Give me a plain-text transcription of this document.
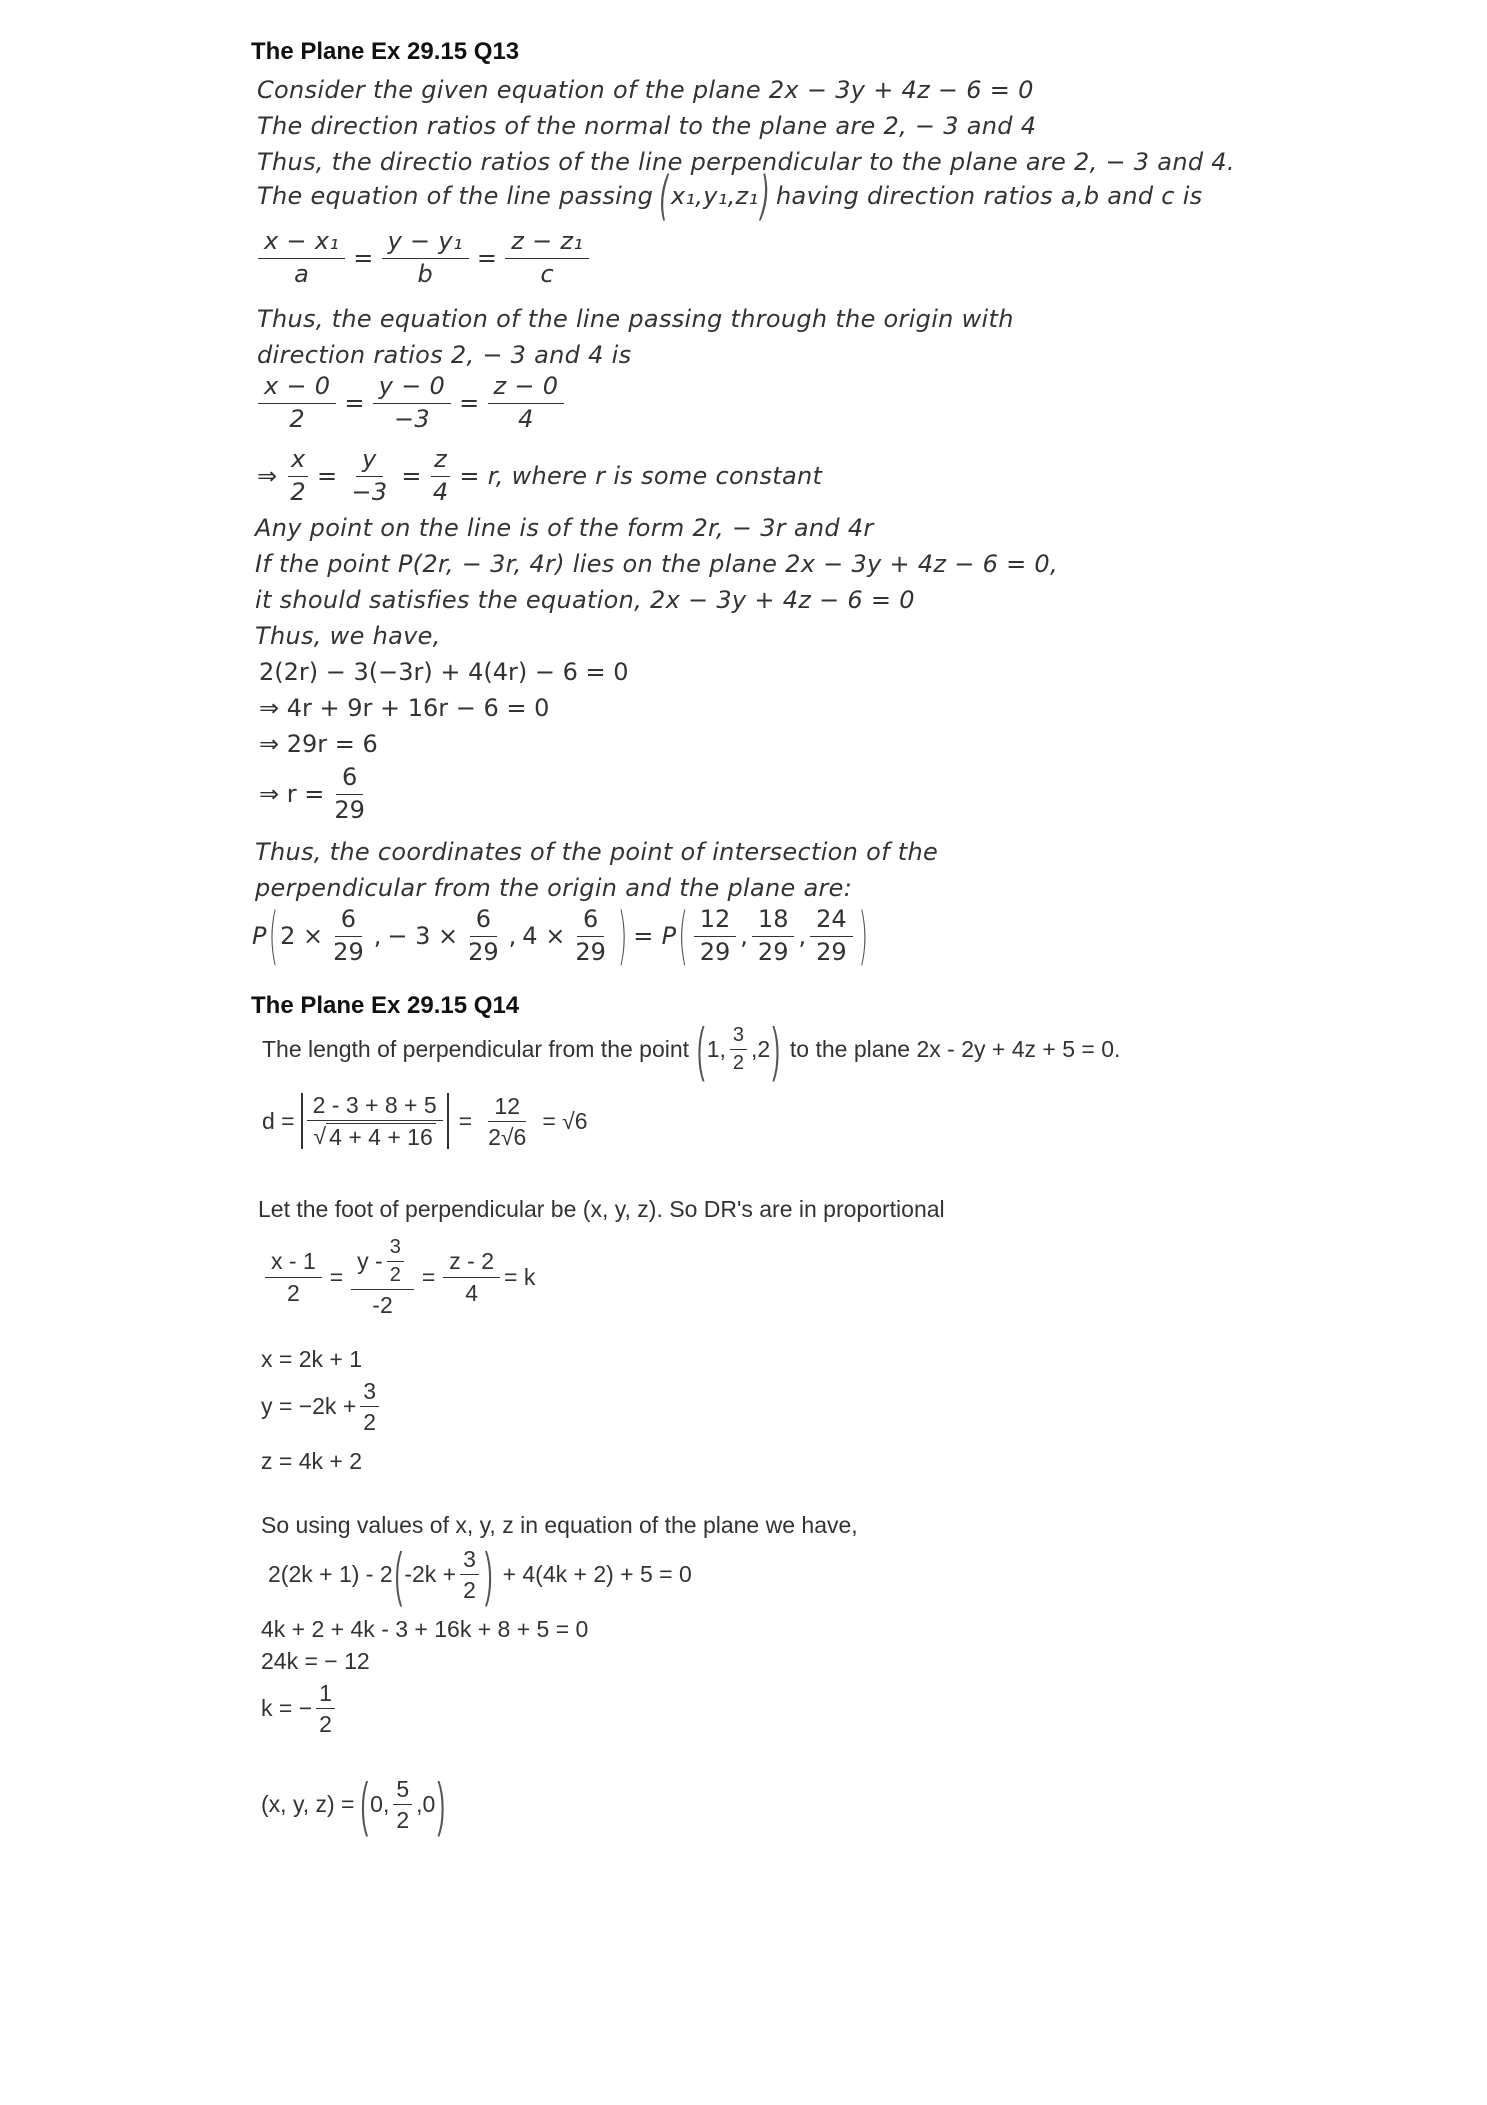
The Plane Ex 29.15 Q13
Consider the given equation of the plane 2x − 3y + 4z − 6 = 0
The direction ratios of the normal to the plane are 2, − 3 and 4
Thus, the directio ratios of the line perpendicular to the plane are 2, − 3 and 4.
The equation of the line passing ( x₁,y₁,z₁ ) having direction ratios a,b and c is
$\frac{\text{x − x₁}}{a} = \frac{\text{y − y₁}}{b} = \frac{\text{z − z₁}}{c}$
Thus, the equation of the line passing through the origin with
direction ratios 2, − 3 and 4 is
$\frac{x - 0}{2} = \frac{y - 0}{-3} = \frac{z - 0}{4}$
⇒ $\frac{x}{2} = \frac{y}{-3} = \frac{z}{4} = r$, where r is some constant
Any point on the line is of the form 2r, − 3r and 4r
If the point P(2r, − 3r, 4r) lies on the plane 2x − 3y + 4z − 6 = 0,
it should satisfies the equation, 2x − 3y + 4z − 6 = 0
Thus, we have,
2(2r) − 3(−3r) + 4(4r) − 6 = 0
⇒ 4r + 9r + 16r − 6 = 0
⇒ 29r = 6
⇒ $r = \frac{6}{29}$
Thus, the coordinates of the point of intersection of the
perpendicular from the origin and the plane are:
P ( $2 \times \frac{6}{29}$ , − $3 \times \frac{6}{29}$ , $4 \times \frac{6}{29}$ ) = P ( $\frac{12}{29}$ , $\frac{18}{29}$ , $\frac{24}{29}$ )
The Plane Ex 29.15 Q14
The length of perpendicular from the point ( 1, $\frac{3}{2} ,2$ ) to the plane 2x - 2y + 4z + 5 = 0.
$d = \frac{2 - 3 + 8 + 5}{√ 4 + 4 + 16} = \frac{12}{2√6} = √6$
Let the foot of perpendicular be (x, y, z). So DR's are in proportional
$\frac{x - 1}{2} = \frac{y - \frac{3}{2}}{-2} = \frac{z - 2}{4} = k$
x = 2k + 1
$y = -2k + \frac{3}{2}$
z = 4k + 2
So using values of x, y, z in equation of the plane we have,
2(2k + 1) - 2 ( $-2k + \frac{3}{2}$ ) + 4(4k + 2) + 5 = 0
4k + 2 + 4k - 3 + 16k + 8 + 5 = 0
24k = − 12
k = − $\frac{1}{2}$
(x, y, z) = ( 0, $\frac{5}{2} ,0$ )
